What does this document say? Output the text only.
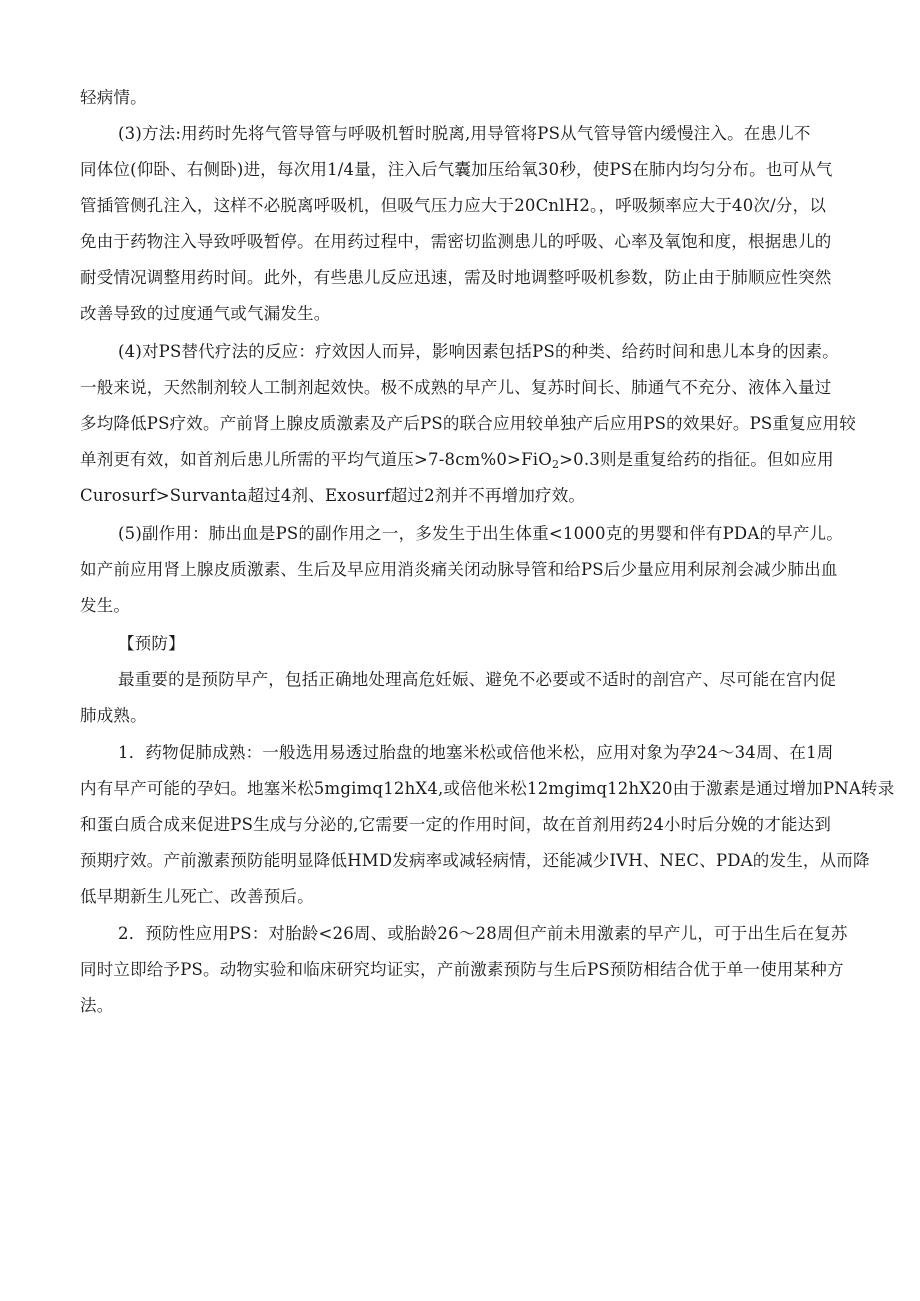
轻病情。
(3)方法:用药时先将气管导管与呼吸机暂时脱离,用导管将PS从气管导管内缓慢注入。在患儿不
同体位(仰卧、右侧卧)进，每次用1/4量，注入后气囊加压给氧30秒，使PS在肺内均匀分布。也可从气
管插管侧孔注入，这样不必脱离呼吸机，但吸气压力应大于20CnlH2。，呼吸频率应大于40次/分，以
免由于药物注入导致呼吸暂停。在用药过程中，需密切监测患儿的呼吸、心率及氧饱和度，根据患儿的
耐受情况调整用药时间。此外，有些患儿反应迅速，需及时地调整呼吸机参数，防止由于肺顺应性突然
改善导致的过度通气或气漏发生。
(4)对PS替代疗法的反应：疗效因人而异，影响因素包括PS的种类、给药时间和患儿本身的因素。
一般来说，天然制剂较人工制剂起效快。极不成熟的早产儿、复苏时间长、肺通气不充分、液体入量过
多均降低PS疗效。产前肾上腺皮质激素及产后PS的联合应用较单独产后应用PS的效果好。PS重复应用较
单剂更有效，如首剂后患儿所需的平均气道压>7-8cm%0>FiO$_2$>0.3则是重复给药的指征。但如应用
Curosurf>Survanta超过4剂、Exosurf超过2剂并不再增加疗效。
(5)副作用：肺出血是PS的副作用之一，多发生于出生体重<1000克的男婴和伴有PDA的早产儿。
如产前应用肾上腺皮质激素、生后及早应用消炎痛关闭动脉导管和给PS后少量应用利尿剂会减少肺出血
发生。
【预防】
最重要的是预防早产，包括正确地处理高危妊娠、避免不必要或不适时的剖宫产、尽可能在宫内促
肺成熟。
1．药物促肺成熟：一般选用易透过胎盘的地塞米松或倍他米松，应用对象为孕24～34周、在1周
内有早产可能的孕妇。地塞米松5mgimq12hX4,或倍他米松12mgimq12hX20由于激素是通过增加PNA转录
和蛋白质合成来促进PS生成与分泌的,它需要一定的作用时间，故在首剂用药24小时后分娩的才能达到
预期疗效。产前激素预防能明显降低HMD发病率或减轻病情，还能减少IVH、NEC、PDA的发生，从而降
低早期新生儿死亡、改善预后。
2．预防性应用PS：对胎龄<26周、或胎龄26～28周但产前未用激素的早产儿，可于出生后在复苏
同时立即给予PS。动物实验和临床研究均证实，产前激素预防与生后PS预防相结合优于单一使用某种方
法。
